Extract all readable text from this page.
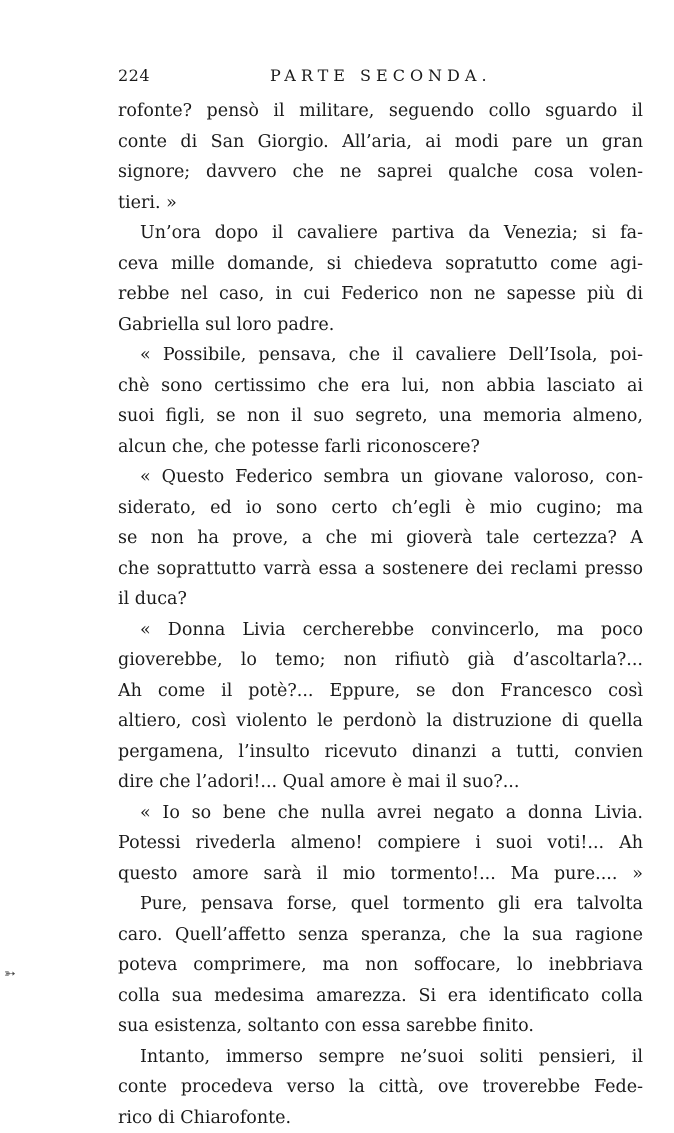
224	PARTE SECONDA.
rofonte? pensò il militare, seguendo collo sguardo il
conte di San Giorgio. All’aria, ai modi pare un gran
signore; davvero che ne saprei qualche cosa volen-
tieri. »
Un’ora dopo il cavaliere partiva da Venezia; si fa-
ceva mille domande, si chiedeva sopratutto come agi-
rebbe nel caso, in cui Federico non ne sapesse più di
Gabriella sul loro padre.
« Possibile, pensava, che il cavaliere Dell’Isola, poi-
chè sono certissimo che era lui, non abbia lasciato ai
suoi figli, se non il suo segreto, una memoria almeno,
alcun che, che potesse farli riconoscere?
« Questo Federico sembra un giovane valoroso, con-
siderato, ed io sono certo ch’egli è mio cugino; ma
se non ha prove, a che mi gioverà tale certezza? A
che soprattutto varrà essa a sostenere dei reclami presso
il duca?
« Donna Livia cercherebbe convincerlo, ma poco
gioverebbe, lo temo; non rifiutò già d’ascoltarla?...
Ah come il potè?... Eppure, se don Francesco così
altiero, così violento le perdonò la distruzione di quella
pergamena, l’insulto ricevuto dinanzi a tutti, convien
dire che l’adori!... Qual amore è mai il suo?...
« Io so bene che nulla avrei negato a donna Livia.
Potessi rivederla almeno! compiere i suoi voti!... Ah
questo amore sarà il mio tormento!... Ma pure.... »
Pure, pensava forse, quel tormento gli era talvolta
caro. Quell’affetto senza speranza, che la sua ragione
poteva comprimere, ma non soffocare, lo inebbriava
colla sua medesima amarezza. Si era identificato colla
sua esistenza, soltanto con essa sarebbe finito.
Intanto, immerso sempre ne’suoi soliti pensieri, il
conte procedeva verso la città, ove troverebbe Fede-
rico di Chiarofonte.
➳
